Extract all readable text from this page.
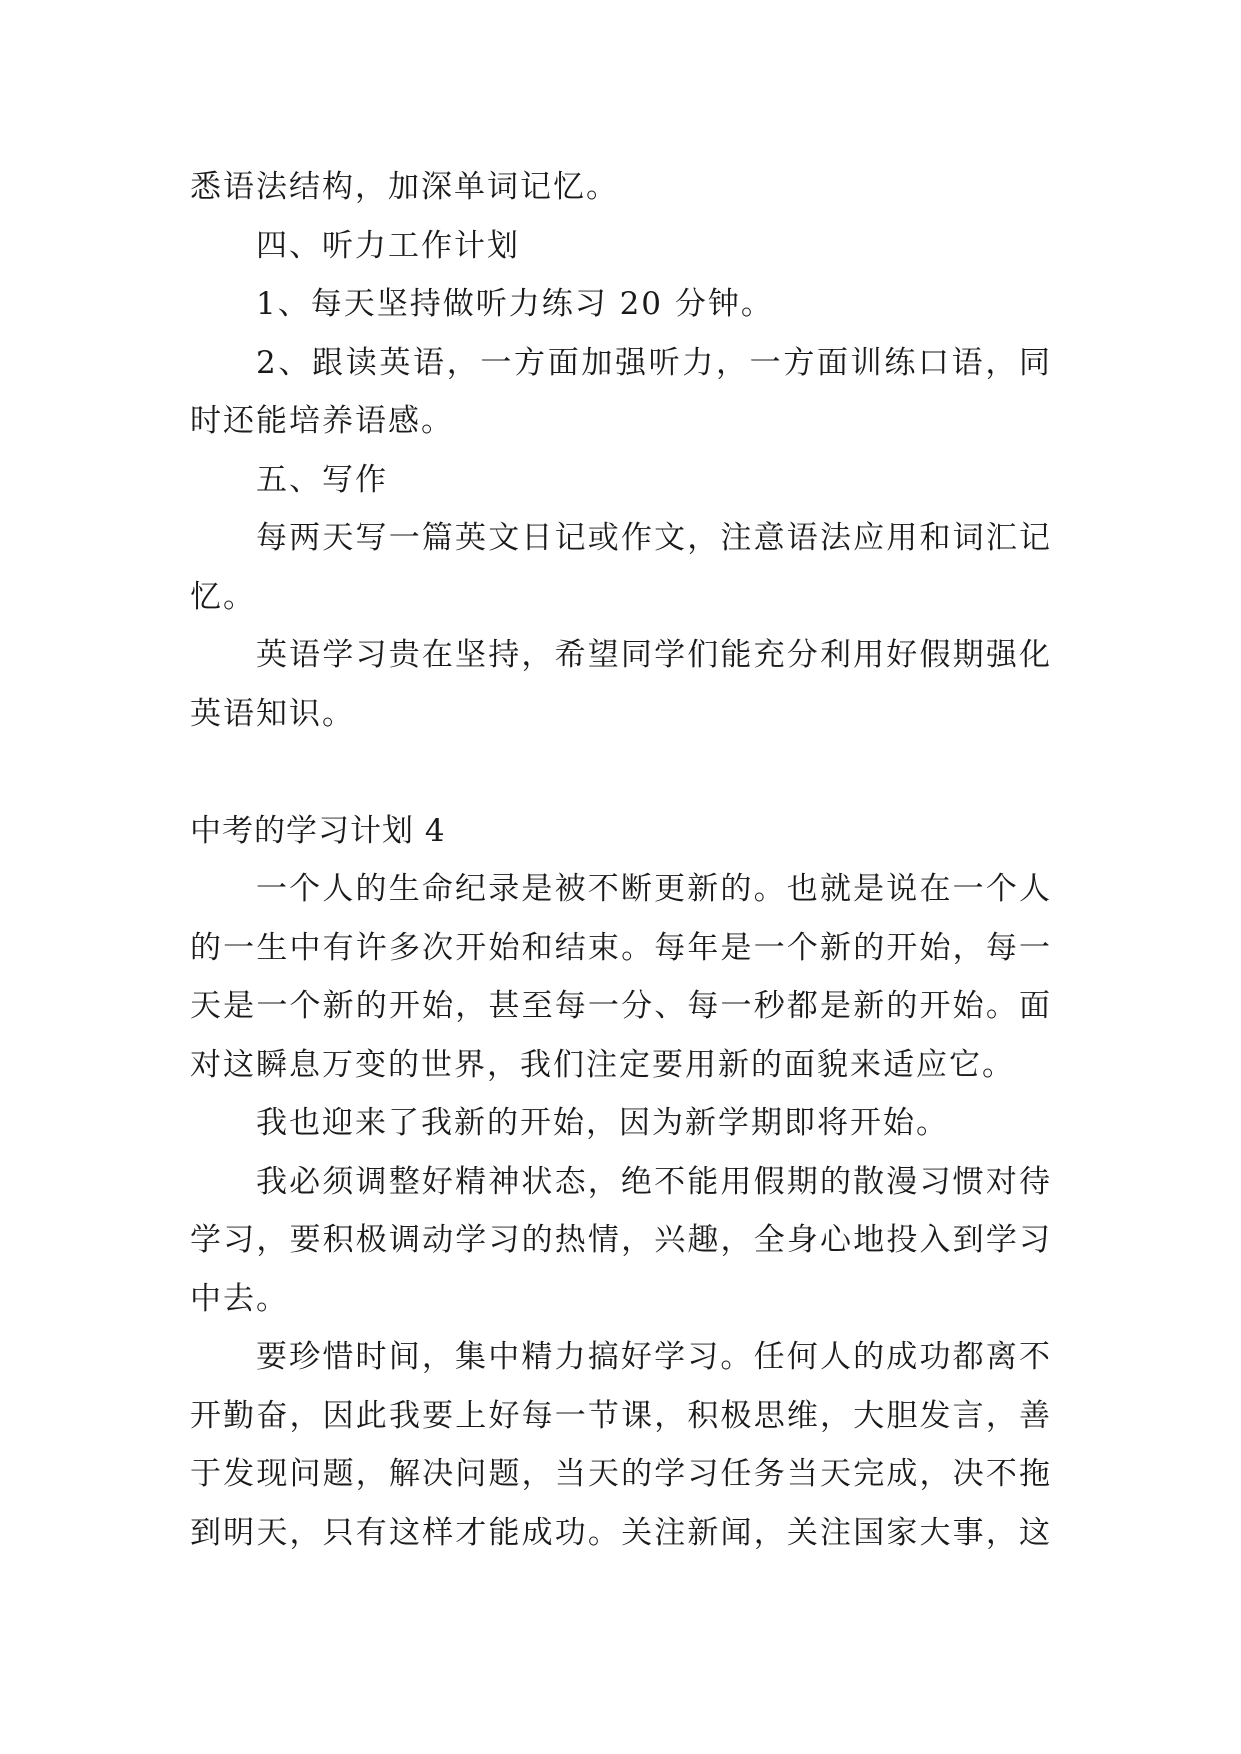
悉语法结构，加深单词记忆。
四、听力工作计划
1、每天坚持做听力练习 20 分钟。
2、跟读英语，一方面加强听力，一方面训练口语，同
时还能培养语感。
五、写作
每两天写一篇英文日记或作文，注意语法应用和词汇记
忆。
英语学习贵在坚持，希望同学们能充分利用好假期强化
英语知识。
中考的学习计划 4
一个人的生命纪录是被不断更新的。也就是说在一个人
的一生中有许多次开始和结束。每年是一个新的开始，每一
天是一个新的开始，甚至每一分、每一秒都是新的开始。面
对这瞬息万变的世界，我们注定要用新的面貌来适应它。
我也迎来了我新的开始，因为新学期即将开始。
我必须调整好精神状态，绝不能用假期的散漫习惯对待
学习，要积极调动学习的热情，兴趣，全身心地投入到学习
中去。
要珍惜时间，集中精力搞好学习。任何人的成功都离不
开勤奋，因此我要上好每一节课，积极思维，大胆发言，善
于发现问题，解决问题，当天的学习任务当天完成，决不拖
到明天，只有这样才能成功。关注新闻，关注国家大事，这
